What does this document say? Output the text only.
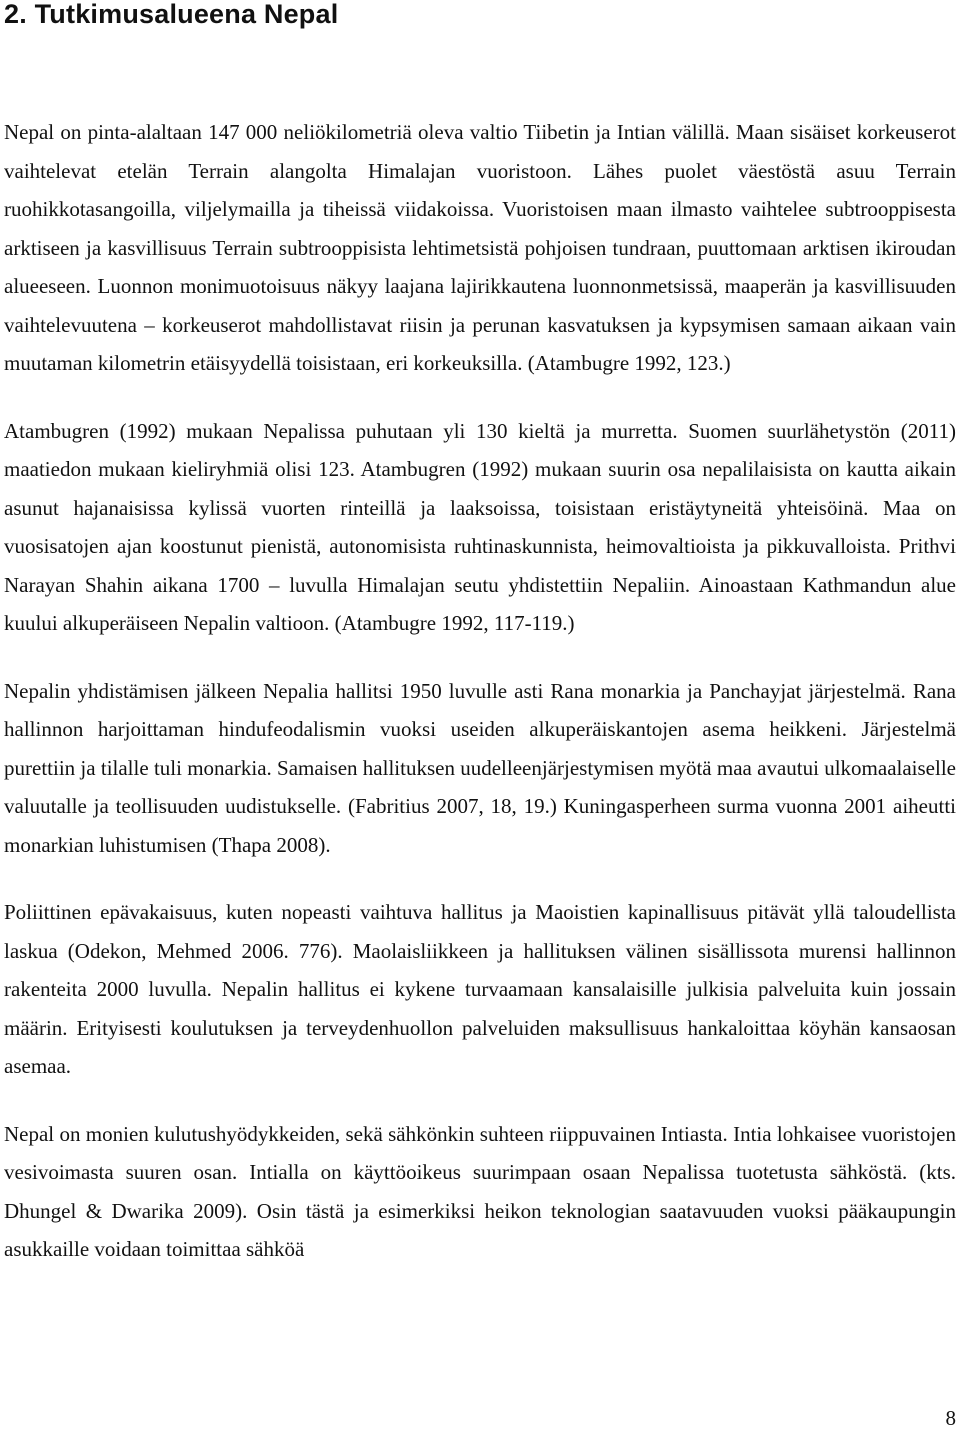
2. Tutkimusalueena Nepal

Nepal on pinta-alaltaan 147 000 neliökilometriä oleva valtio Tiibetin ja Intian välillä. Maan sisäiset korkeuserot vaihtelevat etelän Terrain alangolta Himalajan vuoristoon. Lähes puolet väestöstä asuu Terrain ruohikkotasangoilla, viljelymailla ja tiheissä viidakoissa. Vuoristoisen maan ilmasto vaihtelee subtrooppisesta arktiseen ja kasvillisuus Terrain subtrooppisista lehtimetsistä pohjoisen tundraan, puuttomaan arktisen ikiroudan alueeseen. Luonnon monimuotoisuus näkyy laajana lajirikkautena luonnonmetsissä, maaperän ja kasvillisuuden vaihtelevuutena – korkeuserot mahdollistavat riisin ja perunan kasvatuksen ja kypsymisen samaan aikaan vain muutaman kilometrin etäisyydellä toisistaan, eri korkeuksilla. (Atambugre 1992, 123.)

Atambugren (1992) mukaan Nepalissa puhutaan yli 130 kieltä ja murretta. Suomen suurlähetystön (2011) maatiedon mukaan kieliryhmiä olisi 123. Atambugren (1992) mukaan suurin osa nepalilaisista on kautta aikain asunut hajanaisissa kylissä vuorten rinteillä ja laaksoissa, toisistaan eristäytyneitä yhteisöinä. Maa on vuosisatojen ajan koostunut pienistä, autonomisista ruhtinaskunnista, heimovaltioista ja pikkuvalloista. Prithvi Narayan Shahin aikana 1700 – luvulla Himalajan seutu yhdistettiin Nepaliin. Ainoastaan Kathmandun alue kuului alkuperäiseen Nepalin valtioon. (Atambugre 1992, 117-119.)

Nepalin yhdistämisen jälkeen Nepalia hallitsi 1950 luvulle asti Rana monarkia ja Panchayjat järjestelmä. Rana hallinnon harjoittaman hindufeodalismin vuoksi useiden alkuperäiskantojen asema heikkeni. Järjestelmä purettiin ja tilalle tuli monarkia. Samaisen hallituksen uudelleenjärjestymisen myötä maa avautui ulkomaalaiselle valuutalle ja teollisuuden uudistukselle. (Fabritius 2007, 18, 19.) Kuningasperheen surma vuonna 2001 aiheutti monarkian luhistumisen (Thapa 2008).

Poliittinen epävakaisuus, kuten nopeasti vaihtuva hallitus ja Maoistien kapinallisuus pitävät yllä taloudellista laskua (Odekon, Mehmed 2006. 776). Maolaisliikkeen ja hallituksen välinen sisällissota murensi hallinnon rakenteita 2000 luvulla. Nepalin hallitus ei kykene turvaamaan kansalaisille julkisia palveluita kuin jossain määrin. Erityisesti koulutuksen ja terveydenhuollon palveluiden maksullisuus hankaloittaa köyhän kansaosan asemaa.

Nepal on monien kulutushyödykkeiden, sekä sähkönkin suhteen riippuvainen Intiasta. Intia lohkaisee vuoristojen vesivoimasta suuren osan. Intialla on käyttöoikeus suurimpaan osaan Nepalissa tuotetusta sähköstä. (kts. Dhungel & Dwarika 2009). Osin tästä ja esimerkiksi heikon teknologian saatavuuden vuoksi pääkaupungin asukkaille voidaan toimittaa sähköä

8
